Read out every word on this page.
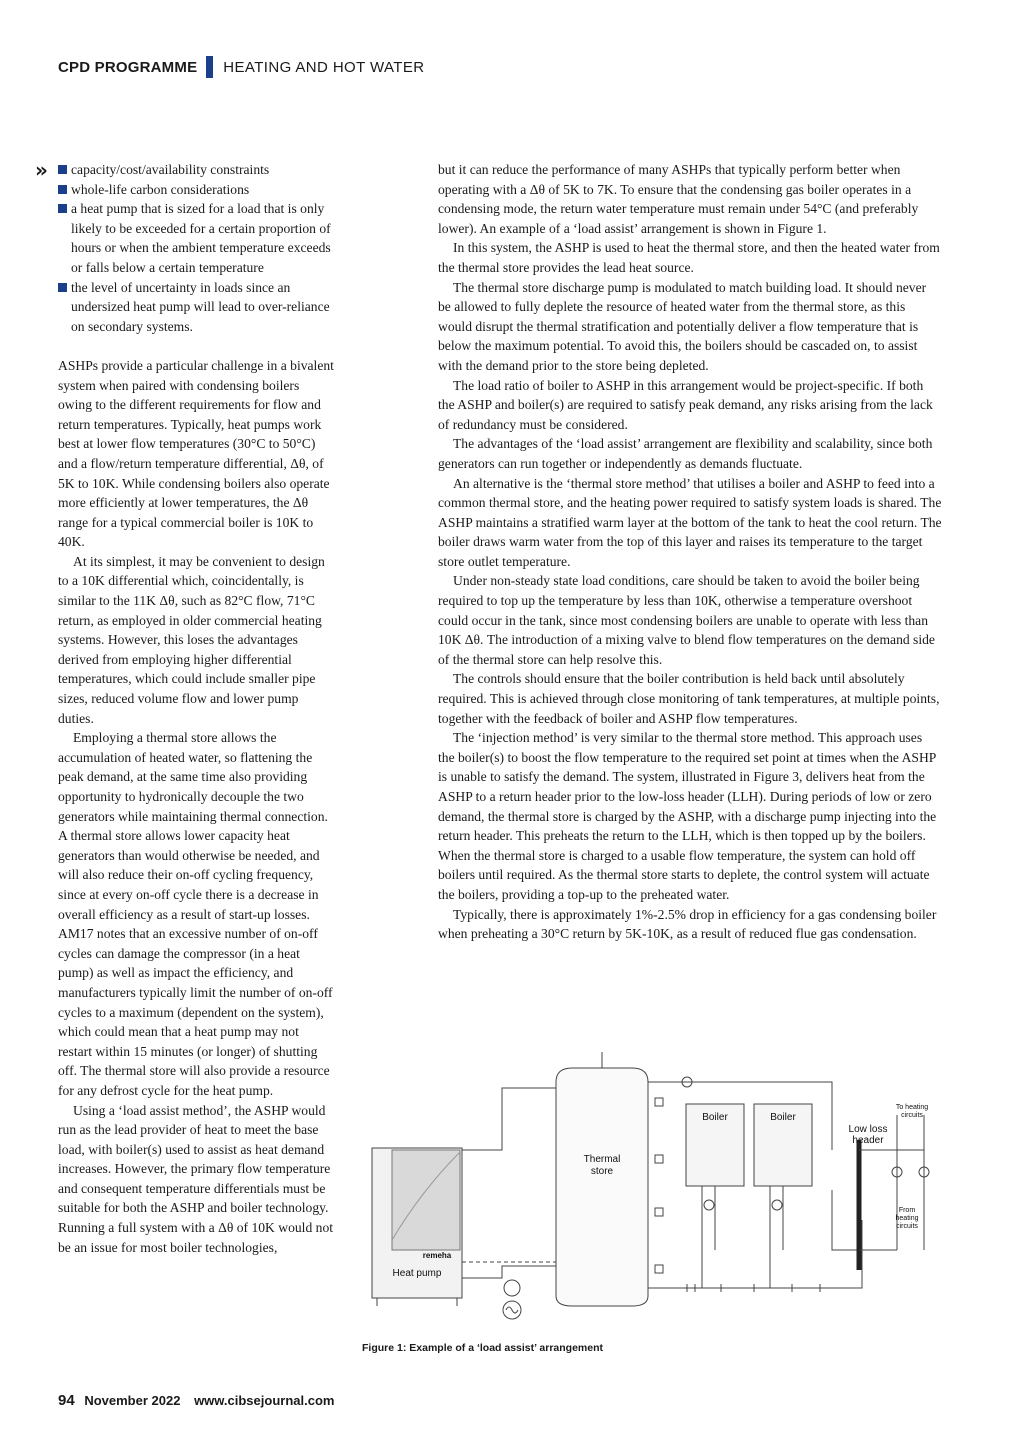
CPD PROGRAMME HEATING AND HOT WATER
»	capacity/cost/availability constraints
whole-life carbon considerations
a heat pump that is sized for a load that is only likely to be exceeded for a certain proportion of hours or when the ambient temperature exceeds or falls below a certain temperature
the level of uncertainty in loads since an undersized heat pump will lead to over-reliance on secondary systems.

ASHPs provide a particular challenge in a bivalent system when paired with condensing boilers owing to the different requirements for flow and return temperatures. Typically, heat pumps work best at lower flow temperatures (30°C to 50°C) and a flow/return temperature differential, Δθ, of 5K to 10K. While condensing boilers also operate more efficiently at lower temperatures, the Δθ range for a typical commercial boiler is 10K to 40K.

At its simplest, it may be convenient to design to a 10K differential which, coincidentally, is similar to the 11K Δθ, such as 82°C flow, 71°C return, as employed in older commercial heating systems. However, this loses the advantages derived from employing higher differential temperatures, which could include smaller pipe sizes, reduced volume flow and lower pump duties.

Employing a thermal store allows the accumulation of heated water, so flattening the peak demand, at the same time also providing opportunity to hydronically decouple the two generators while maintaining thermal connection. A thermal store allows lower capacity heat generators than would otherwise be needed, and will also reduce their on-off cycling frequency, since at every on-off cycle there is a decrease in overall efficiency as a result of start-up losses. AM17 notes that an excessive number of on-off cycles can damage the compressor (in a heat pump) as well as impact the efficiency, and manufacturers typically limit the number of on-off cycles to a maximum (dependent on the system), which could mean that a heat pump may not restart within 15 minutes (or longer) of shutting off. The thermal store will also provide a resource for any defrost cycle for the heat pump.

Using a ‘load assist method’, the ASHP would run as the lead provider of heat to meet the base load, with boiler(s) used to assist as heat demand increases. However, the primary flow temperature and consequent temperature differentials must be suitable for both the ASHP and boiler technology. Running a full system with a Δθ of 10K would not be an issue for most boiler technologies,

but it can reduce the performance of many ASHPs that typically perform better when operating with a Δθ of 5K to 7K. To ensure that the condensing gas boiler operates in a condensing mode, the return water temperature must remain under 54°C (and preferably lower). An example of a ‘load assist’ arrangement is shown in Figure 1.

In this system, the ASHP is used to heat the thermal store, and then the heated water from the thermal store provides the lead heat source.

The thermal store discharge pump is modulated to match building load. It should never be allowed to fully deplete the resource of heated water from the thermal store, as this would disrupt the thermal stratification and potentially deliver a flow temperature that is below the maximum potential. To avoid this, the boilers should be cascaded on, to assist with the demand prior to the store being depleted.

The load ratio of boiler to ASHP in this arrangement would be project-specific. If both the ASHP and boiler(s) are required to satisfy peak demand, any risks arising from the lack of redundancy must be considered.

The advantages of the ‘load assist’ arrangement are flexibility and scalability, since both generators can run together or independently as demands fluctuate.

An alternative is the ‘thermal store method’ that utilises a boiler and ASHP to feed into a common thermal store, and the heating power required to satisfy system loads is shared. The ASHP maintains a stratified warm layer at the bottom of the tank to heat the cool return. The boiler draws warm water from the top of this layer and raises its temperature to the target store outlet temperature.

Under non-steady state load conditions, care should be taken to avoid the boiler being required to top up the temperature by less than 10K, otherwise a temperature overshoot could occur in the tank, since most condensing boilers are unable to operate with less than 10K Δθ. The introduction of a mixing valve to blend flow temperatures on the demand side of the thermal store can help resolve this.

The controls should ensure that the boiler contribution is held back until absolutely required. This is achieved through close monitoring of tank temperatures, at multiple points, together with the feedback of boiler and ASHP flow temperatures.

The ‘injection method’ is very similar to the thermal store method. This approach uses the boiler(s) to boost the flow temperature to the required set point at times when the ASHP is unable to satisfy the demand. The system, illustrated in Figure 3, delivers heat from the ASHP to a return header prior to the low-loss header (LLH). During periods of low or zero demand, the thermal store is charged by the ASHP, with a discharge pump injecting into the return header. This preheats the return to the LLH, which is then topped up by the boilers. When the thermal store is charged to a usable flow temperature, the system can hold off boilers until required. As the thermal store starts to deplete, the control system will actuate the boilers, providing a top-up to the preheated water.

Typically, there is approximately 1%-2.5% drop in efficiency for a gas condensing boiler when preheating a 30°C return by 5K-10K, as a result of reduced flue gas condensation.

Thermal
store
Boiler	Boiler
Low loss
header
To heating
circuits
From
heating
circuits
remeha
Heat pump
Figure 1: Example of a ‘load assist’ arrangement
94 November 2022 www.cibsejournal.com
